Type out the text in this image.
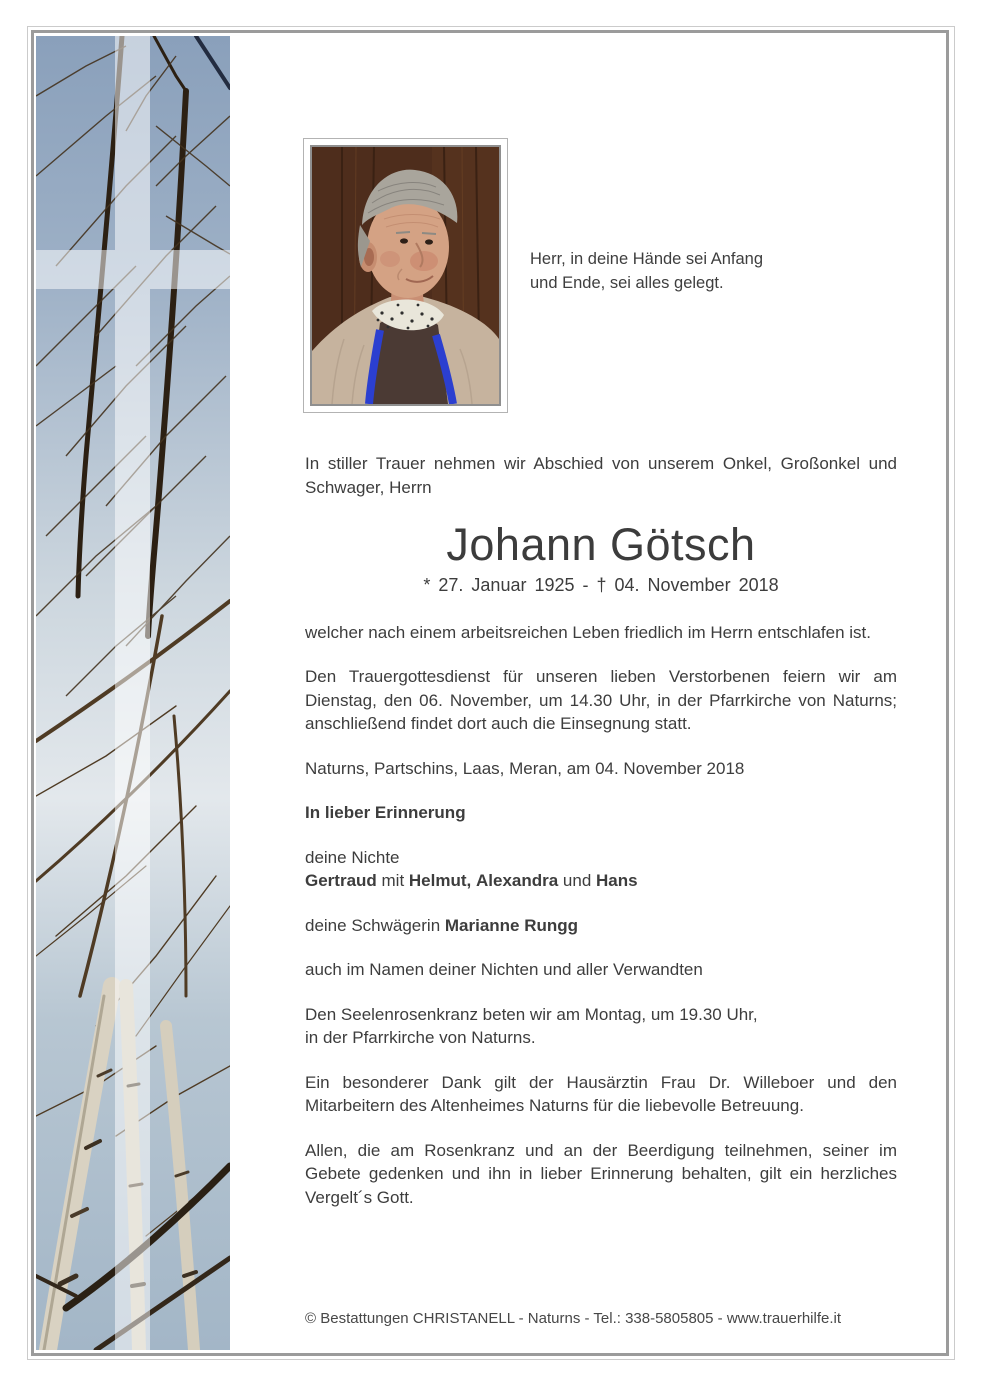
Herr, in deine Hände sei Anfang
und Ende, sei alles gelegt.

In stiller Trauer nehmen wir Abschied von unserem Onkel, Großonkel und Schwager, Herrn

Johann Götsch
* 27. Januar 1925 - † 04. November 2018

welcher nach einem arbeitsreichen Leben friedlich im Herrn entschlafen ist.

Den Trauergottesdienst für unseren lieben Verstorbenen feiern wir am Dienstag, den 06. November, um 14.30 Uhr, in der Pfarrkirche von Naturns; anschließend findet dort auch die Einsegnung statt.

Naturns, Partschins, Laas, Meran, am 04. November 2018

In lieber Erinnerung

deine Nichte
Gertraud mit Helmut, Alexandra und Hans

deine Schwägerin Marianne Rungg

auch im Namen deiner Nichten und aller Verwandten

Den Seelenrosenkranz beten wir am Montag, um 19.30 Uhr,
in der Pfarrkirche von Naturns.

Ein besonderer Dank gilt der Hausärztin Frau Dr. Willeboer und den Mitarbeitern des Altenheimes Naturns für die liebevolle Betreuung.

Allen, die am Rosenkranz und an der Beerdigung teilnehmen, seiner im Gebete gedenken und ihn in lieber Erinnerung behalten, gilt ein herzliches Vergelt´s Gott.

© Bestattungen CHRISTANELL - Naturns - Tel.: 338-5805805 - www.trauerhilfe.it
